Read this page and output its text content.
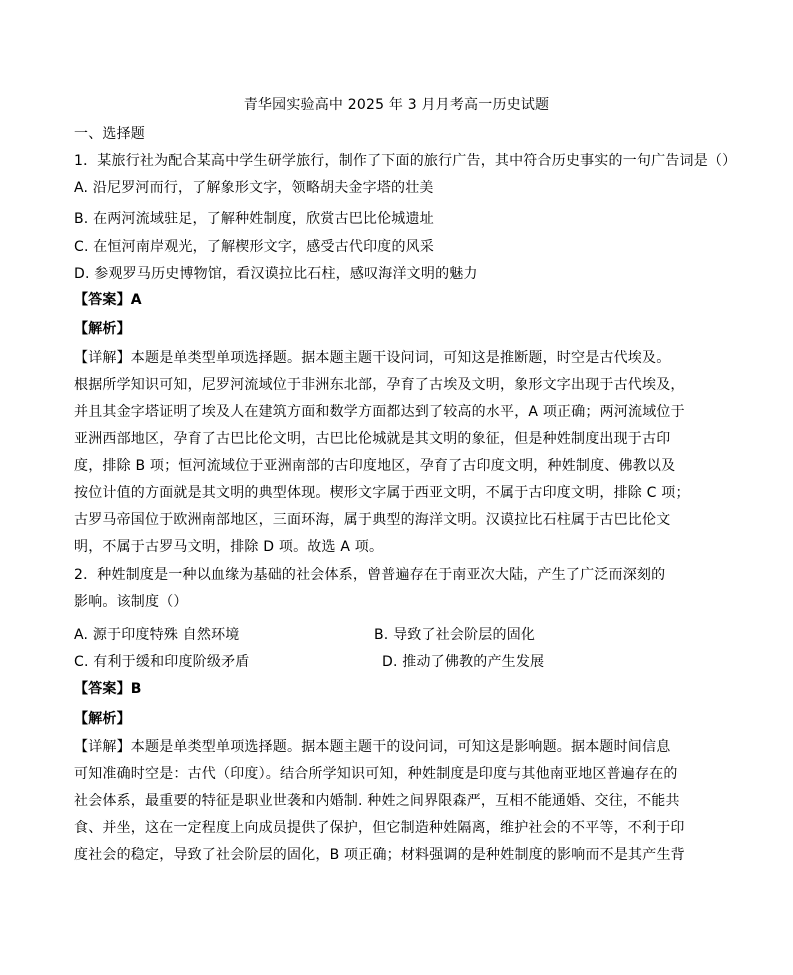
青华园实验高中 2025 年 3 月月考高一历史试题

一、选择题

1．某旅行社为配合某高中学生研学旅行，制作了下面的旅行广告，其中符合历史事实的一句广告词是（）

A. 沿尼罗河而行，了解象形文字，领略胡夫金字塔的壮美

B. 在两河流域驻足，了解种姓制度，欣赏古巴比伦城遗址

C. 在恒河南岸观光，了解楔形文字，感受古代印度的风采

D. 参观罗马历史博物馆，看汉谟拉比石柱，感叹海洋文明的魅力

【答案】A

【解析】

【详解】本题是单类型单项选择题。据本题主题干设问词，可知这是推断题，时空是古代埃及。

根据所学知识可知，尼罗河流域位于非洲东北部，孕育了古埃及文明，象形文字出现于古代埃及，

并且其金字塔证明了埃及人在建筑方面和数学方面都达到了较高的水平，A 项正确；两河流域位于

亚洲西部地区，孕育了古巴比伦文明，古巴比伦城就是其文明的象征，但是种姓制度出现于古印

度，排除 B 项；恒河流域位于亚洲南部的古印度地区，孕育了古印度文明，种姓制度、佛教以及

按位计值的方面就是其文明的典型体现。楔形文字属于西亚文明，不属于古印度文明，排除 C 项；

古罗马帝国位于欧洲南部地区，三面环海，属于典型的海洋文明。汉谟拉比石柱属于古巴比伦文

明，不属于古罗马文明，排除 D 项。故选 A 项。

2．种姓制度是一种以血缘为基础的社会体系，曾普遍存在于南亚次大陆，产生了广泛而深刻的

影响。该制度（）

A. 源于印度特殊 自然环境	B. 导致了社会阶层的固化

C. 有利于缓和印度阶级矛盾	D. 推动了佛教的产生发展

【答案】B

【解析】

【详解】本题是单类型单项选择题。据本题主题干的设问词，可知这是影响题。据本题时间信息

可知准确时空是：古代（印度）。结合所学知识可知，种姓制度是印度与其他南亚地区普遍存在的

社会体系，最重要的特征是职业世袭和内婚制. 种姓之间界限森严，互相不能通婚、交往，不能共

食、并坐，这在一定程度上向成员提供了保护，但它制造种姓隔离，维护社会的不平等，不利于印

度社会的稳定，导致了社会阶层的固化，B 项正确；材料强调的是种姓制度的影响而不是其产生背
